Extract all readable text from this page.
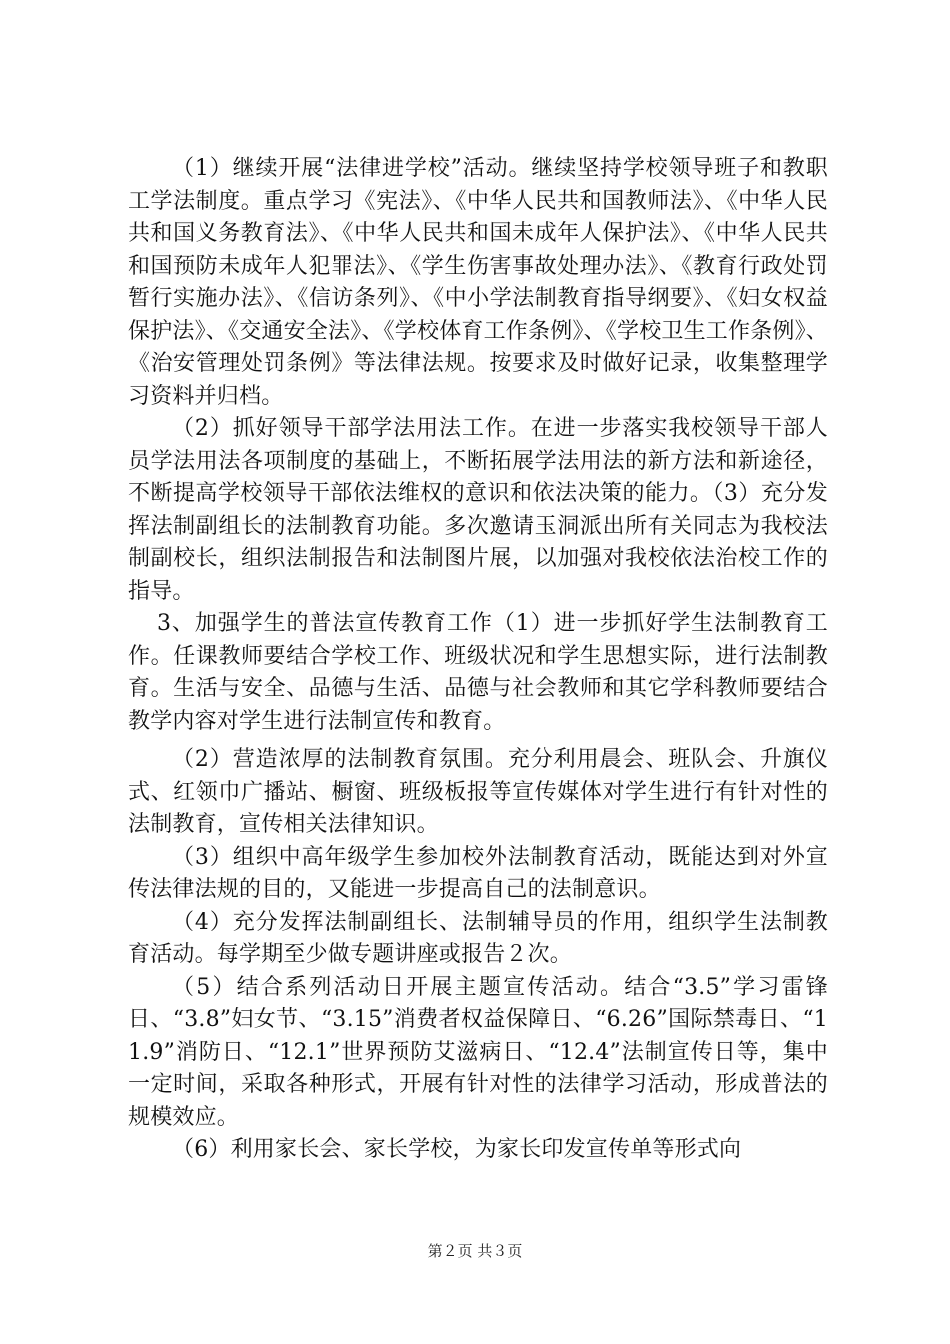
（1）继续开展“法律进学校”活动。继续坚持学校领导班子和教职工学法制度。重点学习《宪法》、《中华人民共和国教师法》、《中华人民共和国义务教育法》、《中华人民共和国未成年人保护法》、《中华人民共和国预防未成年人犯罪法》、《学生伤害事故处理办法》、《教育行政处罚暂行实施办法》、《信访条列》、《中小学法制教育指导纲要》、《妇女权益保护法》、《交通安全法》、《学校体育工作条例》、《学校卫生工作条例》、《治安管理处罚条例》等法律法规。按要求及时做好记录，收集整理学习资料并归档。

（2）抓好领导干部学法用法工作。在进一步落实我校领导干部人员学法用法各项制度的基础上，不断拓展学法用法的新方法和新途径，不断提高学校领导干部依法维权的意识和依法决策的能力。（3）充分发挥法制副组长的法制教育功能。多次邀请玉洞派出所有关同志为我校法制副校长，组织法制报告和法制图片展，以加强对我校依法治校工作的指导。

3、加强学生的普法宣传教育工作（1）进一步抓好学生法制教育工作。任课教师要结合学校工作、班级状况和学生思想实际，进行法制教育。生活与安全、品德与生活、品德与社会教师和其它学科教师要结合教学内容对学生进行法制宣传和教育。

（2）营造浓厚的法制教育氛围。充分利用晨会、班队会、升旗仪式、红领巾广播站、橱窗、班级板报等宣传媒体对学生进行有针对性的法制教育，宣传相关法律知识。

（3）组织中高年级学生参加校外法制教育活动，既能达到对外宣传法律法规的目的，又能进一步提高自己的法制意识。

（4）充分发挥法制副组长、法制辅导员的作用，组织学生法制教育活动。每学期至少做专题讲座或报告２次。

（5）结合系列活动日开展主题宣传活动。结合“3.5”学习雷锋日、“3.8”妇女节、“3.15”消费者权益保障日、“6.26”国际禁毒日、“11.9”消防日、“12.1”世界预防艾滋病日、“12.4”法制宣传日等，集中一定时间，采取各种形式，开展有针对性的法律学习活动，形成普法的规模效应。

（6）利用家长会、家长学校，为家长印发宣传单等形式向

第２页 共３页
